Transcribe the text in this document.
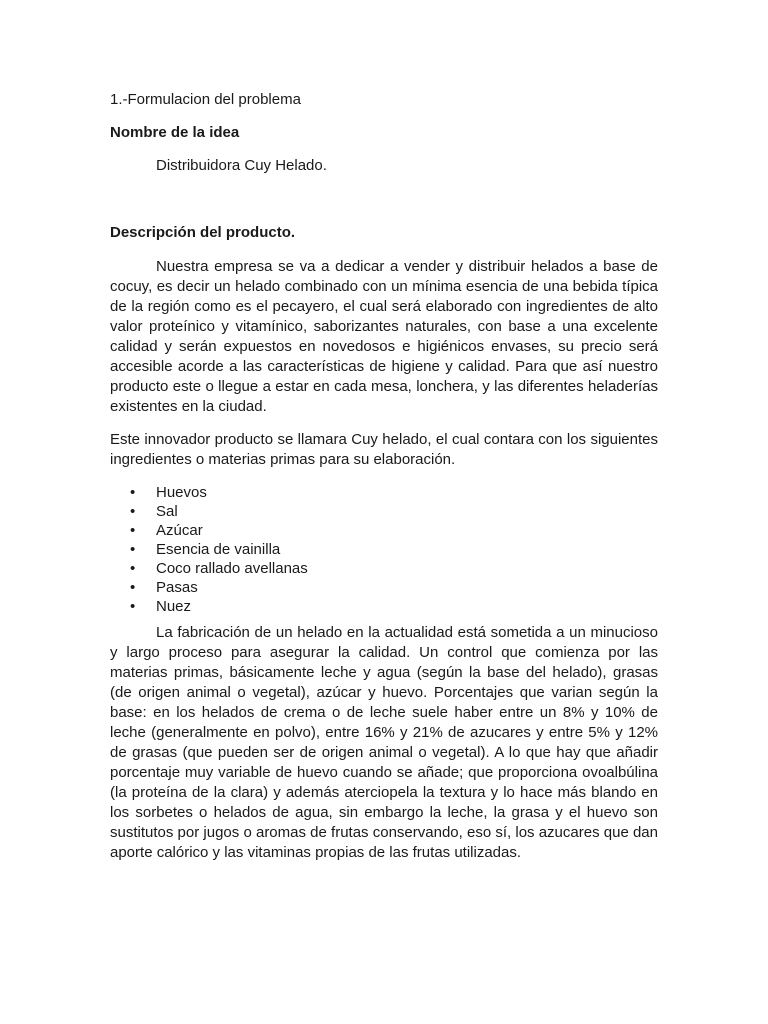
1.-Formulacion del problema

Nombre de la idea

Distribuidora Cuy Helado.

Descripción del producto.

Nuestra empresa se va a dedicar a vender y distribuir helados a base de cocuy, es decir un helado combinado con un mínima esencia de una bebida típica de la región como es el pecayero, el cual será elaborado con ingredientes de alto valor proteínico y vitamínico, saborizantes naturales, con base a una excelente calidad y serán expuestos en novedosos e higiénicos envases, su precio será accesible acorde a las características de higiene y calidad. Para que así nuestro producto este o llegue a estar en cada mesa, lonchera, y las diferentes heladerías existentes en la ciudad.

Este innovador producto se llamara Cuy helado, el cual contara con los siguientes ingredientes o materias primas para su elaboración.

• Huevos
• Sal
• Azúcar
• Esencia de vainilla
• Coco rallado avellanas
• Pasas
• Nuez

La fabricación de un helado en la actualidad está sometida a un minucioso y largo proceso para asegurar la calidad. Un control que comienza por las materias primas, básicamente leche y agua (según la base del helado), grasas (de origen animal o vegetal), azúcar y huevo. Porcentajes que varian según la base: en los helados de crema o de leche suele haber entre un 8% y 10% de leche (generalmente en polvo), entre 16% y 21% de azucares y entre 5% y 12% de grasas (que pueden ser de origen animal o vegetal). A lo que hay que añadir porcentaje muy variable de huevo cuando se añade; que proporciona ovoalbúlina (la proteína de la clara) y además aterciopela la textura y lo hace más blando en los sorbetes o helados de agua, sin embargo la leche, la grasa y el huevo son sustitutos por jugos o aromas de frutas conservando, eso sí, los azucares que dan aporte calórico y las vitaminas propias de las frutas utilizadas.
